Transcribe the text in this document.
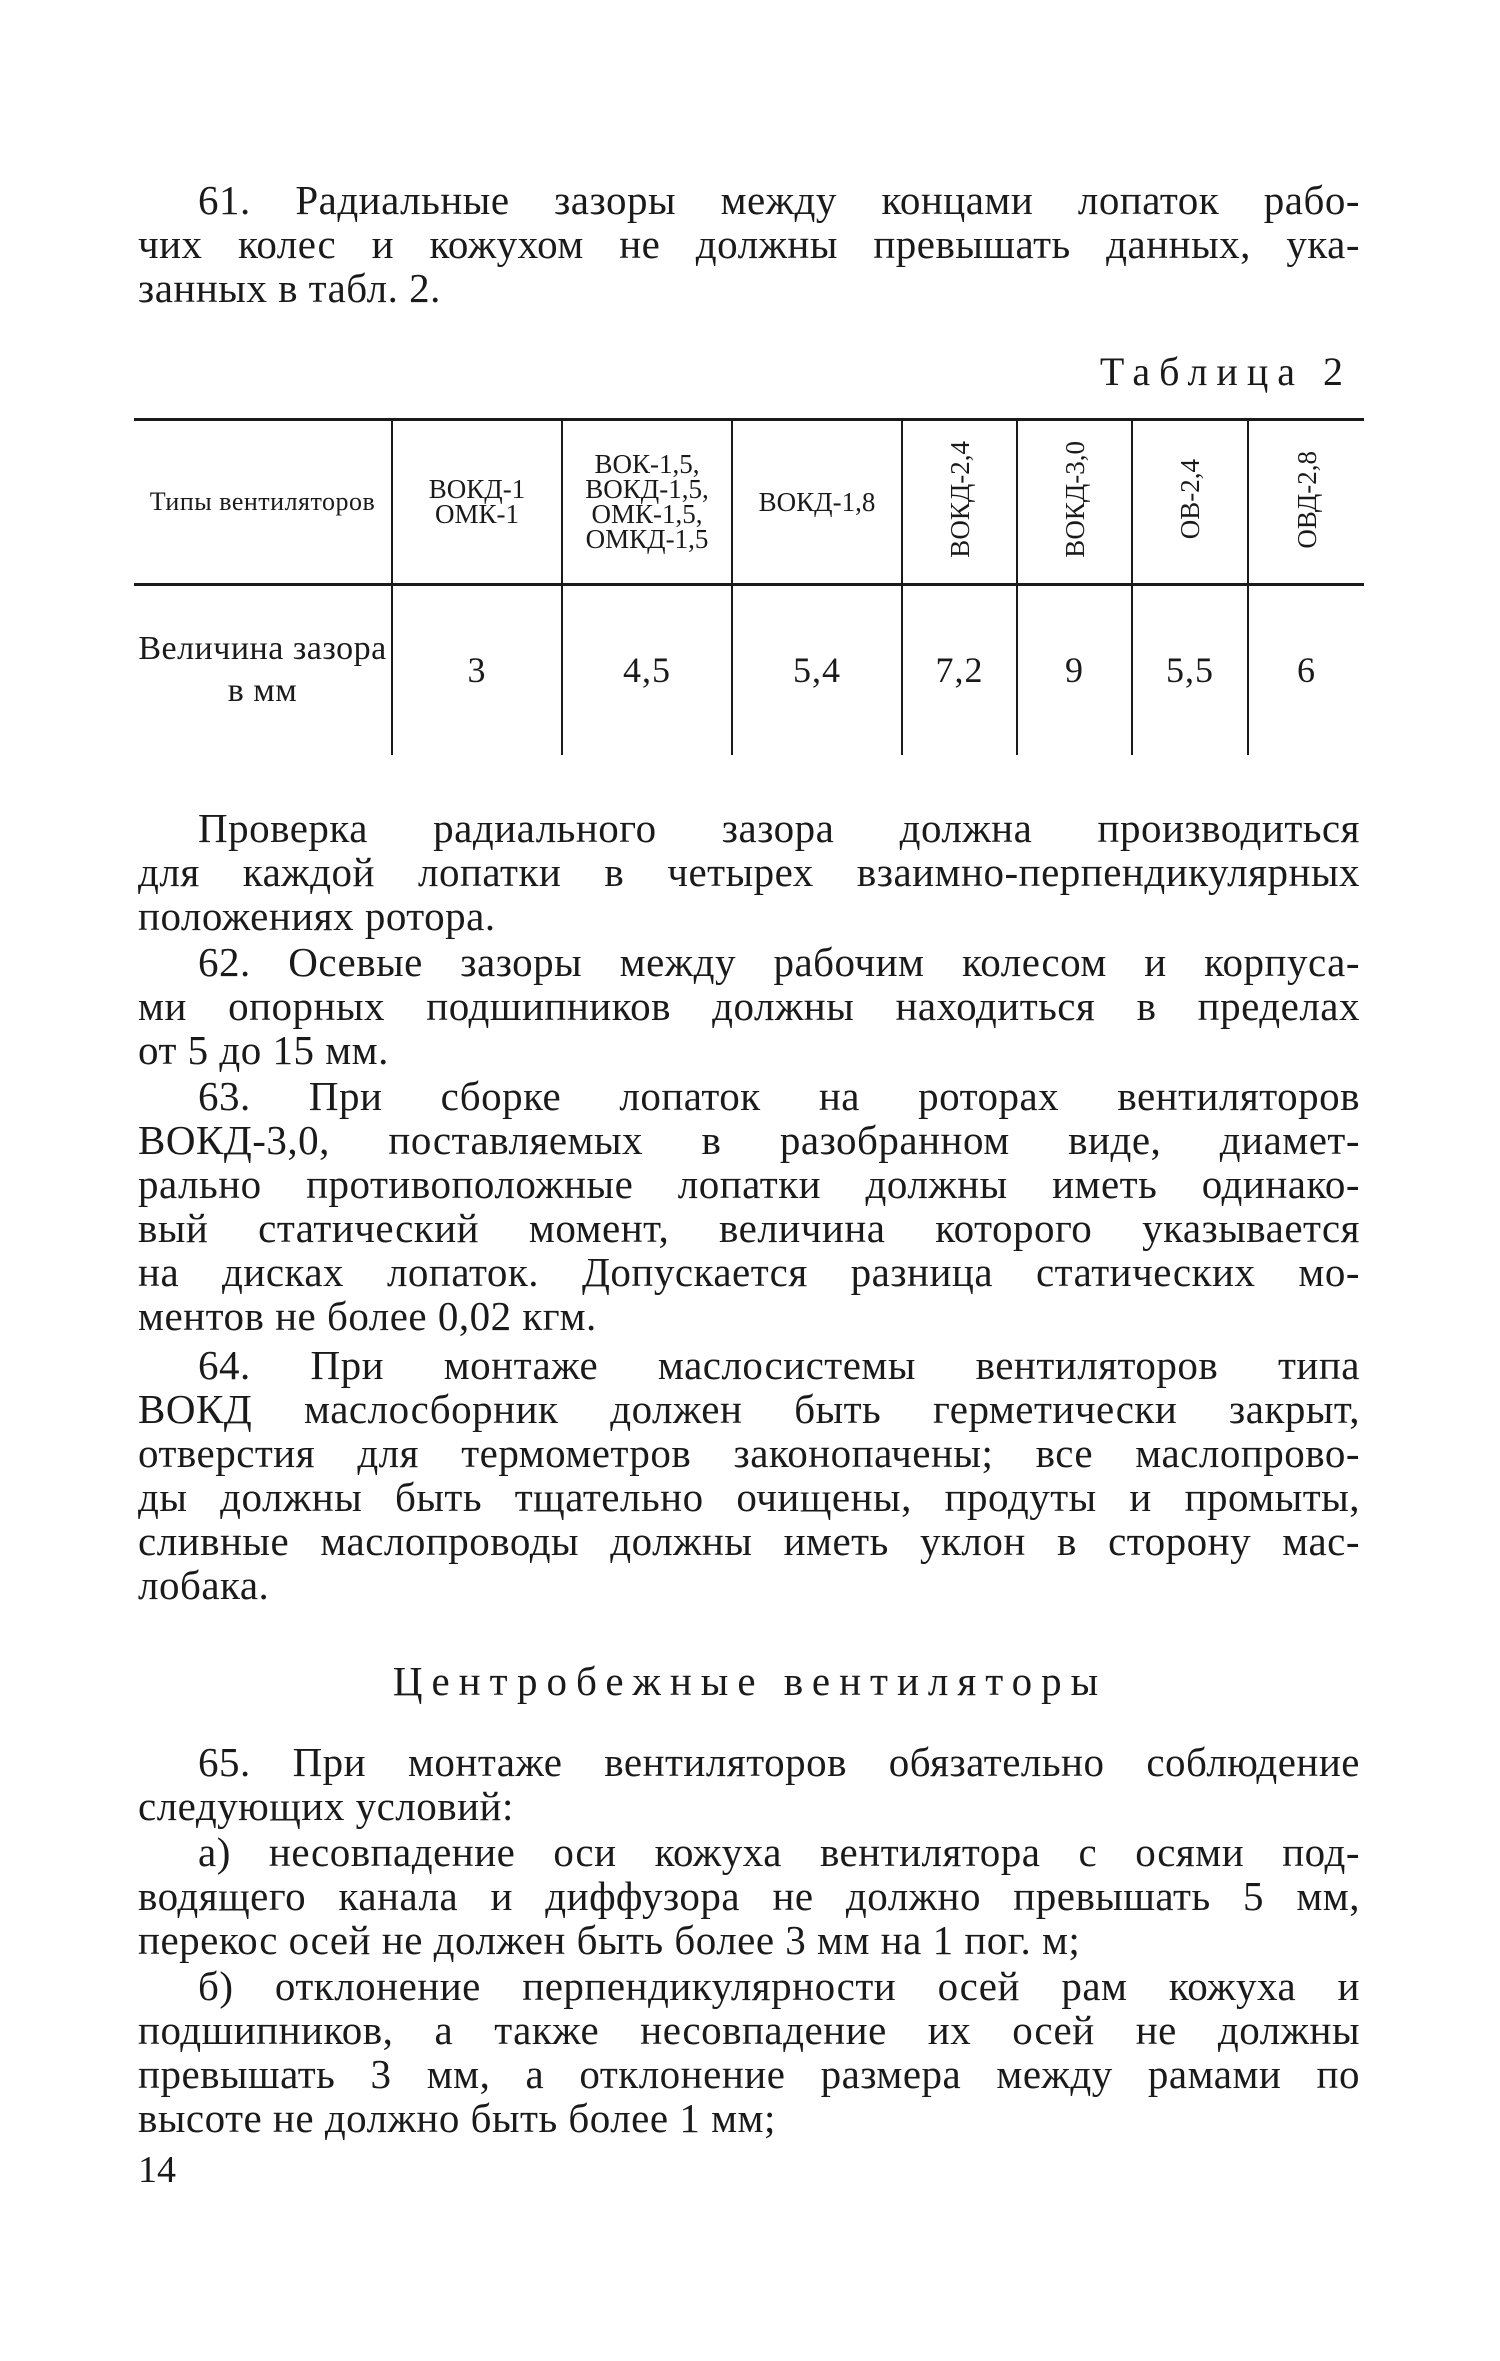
61. Радиальные зазоры между концами лопаток рабо-
чих колес и кожухом не должны превышать данных, ука-
занных в табл. 2.

Таблица 2

Типы вентиляторов	ВОКД-1 ОМК-1	ВОК-1,5, ВОКД-1,5, ОМК-1,5, ОМКД-1,5	ВОКД-1,8	ВОКД-2,4	ВОКД-3,0	ОВ-2,4	ОВД-2,8
Величина зазора в мм	3	4,5	5,4	7,2	9	5,5	6

Проверка радиального зазора должна производиться
для каждой лопатки в четырех взаимно-перпендикулярных
положениях ротора.

62. Осевые зазоры между рабочим колесом и корпуса-
ми опорных подшипников должны находиться в пределах
от 5 до 15 мм.

63. При сборке лопаток на роторах вентиляторов
ВОКД-3,0, поставляемых в разобранном виде, диамет-
рально противоположные лопатки должны иметь одинако-
вый статический момент, величина которого указывается
на дисках лопаток. Допускается разница статических мо-
ментов не более 0,02 кгм.

64. При монтаже маслосистемы вентиляторов типа
ВОКД маслосборник должен быть герметически закрыт,
отверстия для термометров законопачены; все маслопрово-
ды должны быть тщательно очищены, продуты и промыты,
сливные маслопроводы должны иметь уклон в сторону мас-
лобака.

Центробежные вентиляторы

65. При монтаже вентиляторов обязательно соблюдение
следующих условий:

а) несовпадение оси кожуха вентилятора с осями под-
водящего канала и диффузора не должно превышать 5 мм,
перекос осей не должен быть более 3 мм на 1 пог. м;

б) отклонение перпендикулярности осей рам кожуха и
подшипников, а также несовпадение их осей не должны
превышать 3 мм, а отклонение размера между рамами по
высоте не должно быть более 1 мм;

14
